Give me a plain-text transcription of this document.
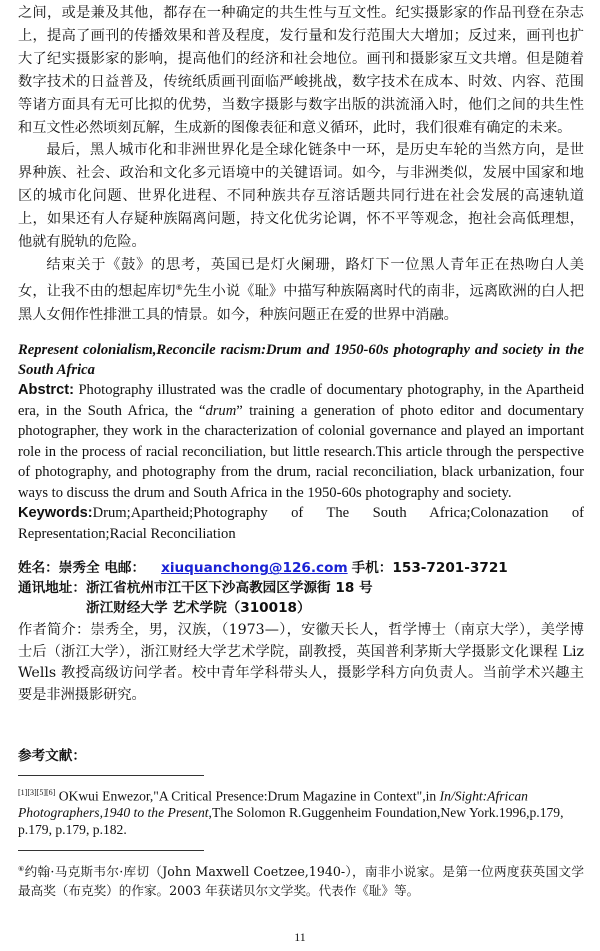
之间，或是兼及其他，都存在一种确定的共生性与互文性。纪实摄影家的作品刊登在杂志上，提高了画刊的传播效果和普及程度，发行量和发行范围大大增加；反过来，画刊也扩大了纪实摄影家的影响，提高他们的经济和社会地位。画刊和摄影家互文共增。但是随着数字技术的日益普及，传统纸质画刊面临严峻挑战，数字技术在成本、时效、内容、范围等诸方面具有无可比拟的优势，当数字摄影与数字出版的洪流涌入时，他们之间的共生性和互文性必然顷刻瓦解，生成新的图像表征和意义循环，此时，我们很难有确定的未来。

最后，黑人城市化和非洲世界化是全球化链条中一环，是历史车轮的当然方向，是世界种族、社会、政治和文化多元语境中的关键语词。如今，与非洲类似，发展中国家和地区的城市化问题、世界化进程、不同种族共存互溶话题共同行进在社会发展的高速轨道上，如果还有人存疑种族隔离问题，持文化优劣论调，怀不平等观念，抱社会高低理想，他就有脱轨的危险。

结束关于《鼓》的思考，英国已是灯火阑珊，路灯下一位黑人青年正在热吻白人美女，让我不由的想起库切⑥先生小说《耻》中描写种族隔离时代的南非，远离欧洲的白人把黑人女佣作性排泄工具的情景。如今，种族问题正在爱的世界中消融。

Represent colonialism,Reconcile racism:Drum and 1950-60s photography and society in the South Africa

Abstrct: Photography illustrated was the cradle of documentary photography, in the Apartheid era, in the South Africa, the “drum” training a generation of photo editor and documentary photographer, they work in the characterization of colonial governance and played an important role in the process of racial reconciliation, but little research.This article through the perspective of photography, and photography from the drum, racial reconciliation, black urbanization, four ways to discuss the drum and South Africa in the 1950-60s photography and society.

Keywords:Drum;Apartheid;Photography of The South Africa;Colonazation of Representation;Racial Reconciliation

姓名：崇秀全 电邮： xiuquanchong@126.com 手机：153-7201-3721

通讯地址：浙江省杭州市江干区下沙高教园区学源街 18 号
浙江财经大学 艺术学院（310018）

作者简介：崇秀全，男，汉族，（1973—），安徽天长人，哲学博士（南京大学），美学博士后（浙江大学），浙江财经大学艺术学院，副教授，英国普利茅斯大学摄影文化课程 Liz Wells 教授高级访问学者。校中青年学科带头人，摄影学科方向负责人。当前学术兴趣主要是非洲摄影研究。

参考文献：

[1][3][5][6] OKwui Enwezor,"A Critical Presence:Drum Magazine in Context",in In/Sight:African Photographers,1940 to the Present,The Solomon R.Guggenheim Foundation,New York.1996,p.179, p.179, p.179, p.182.

⑥约翰·马克斯韦尔·库切（John Maxwell Coetzee,1940-），南非小说家。是第一位两度获英国文学最高奖（布克奖）的作家。2003 年获诺贝尔文学奖。代表作《耻》等。

11
